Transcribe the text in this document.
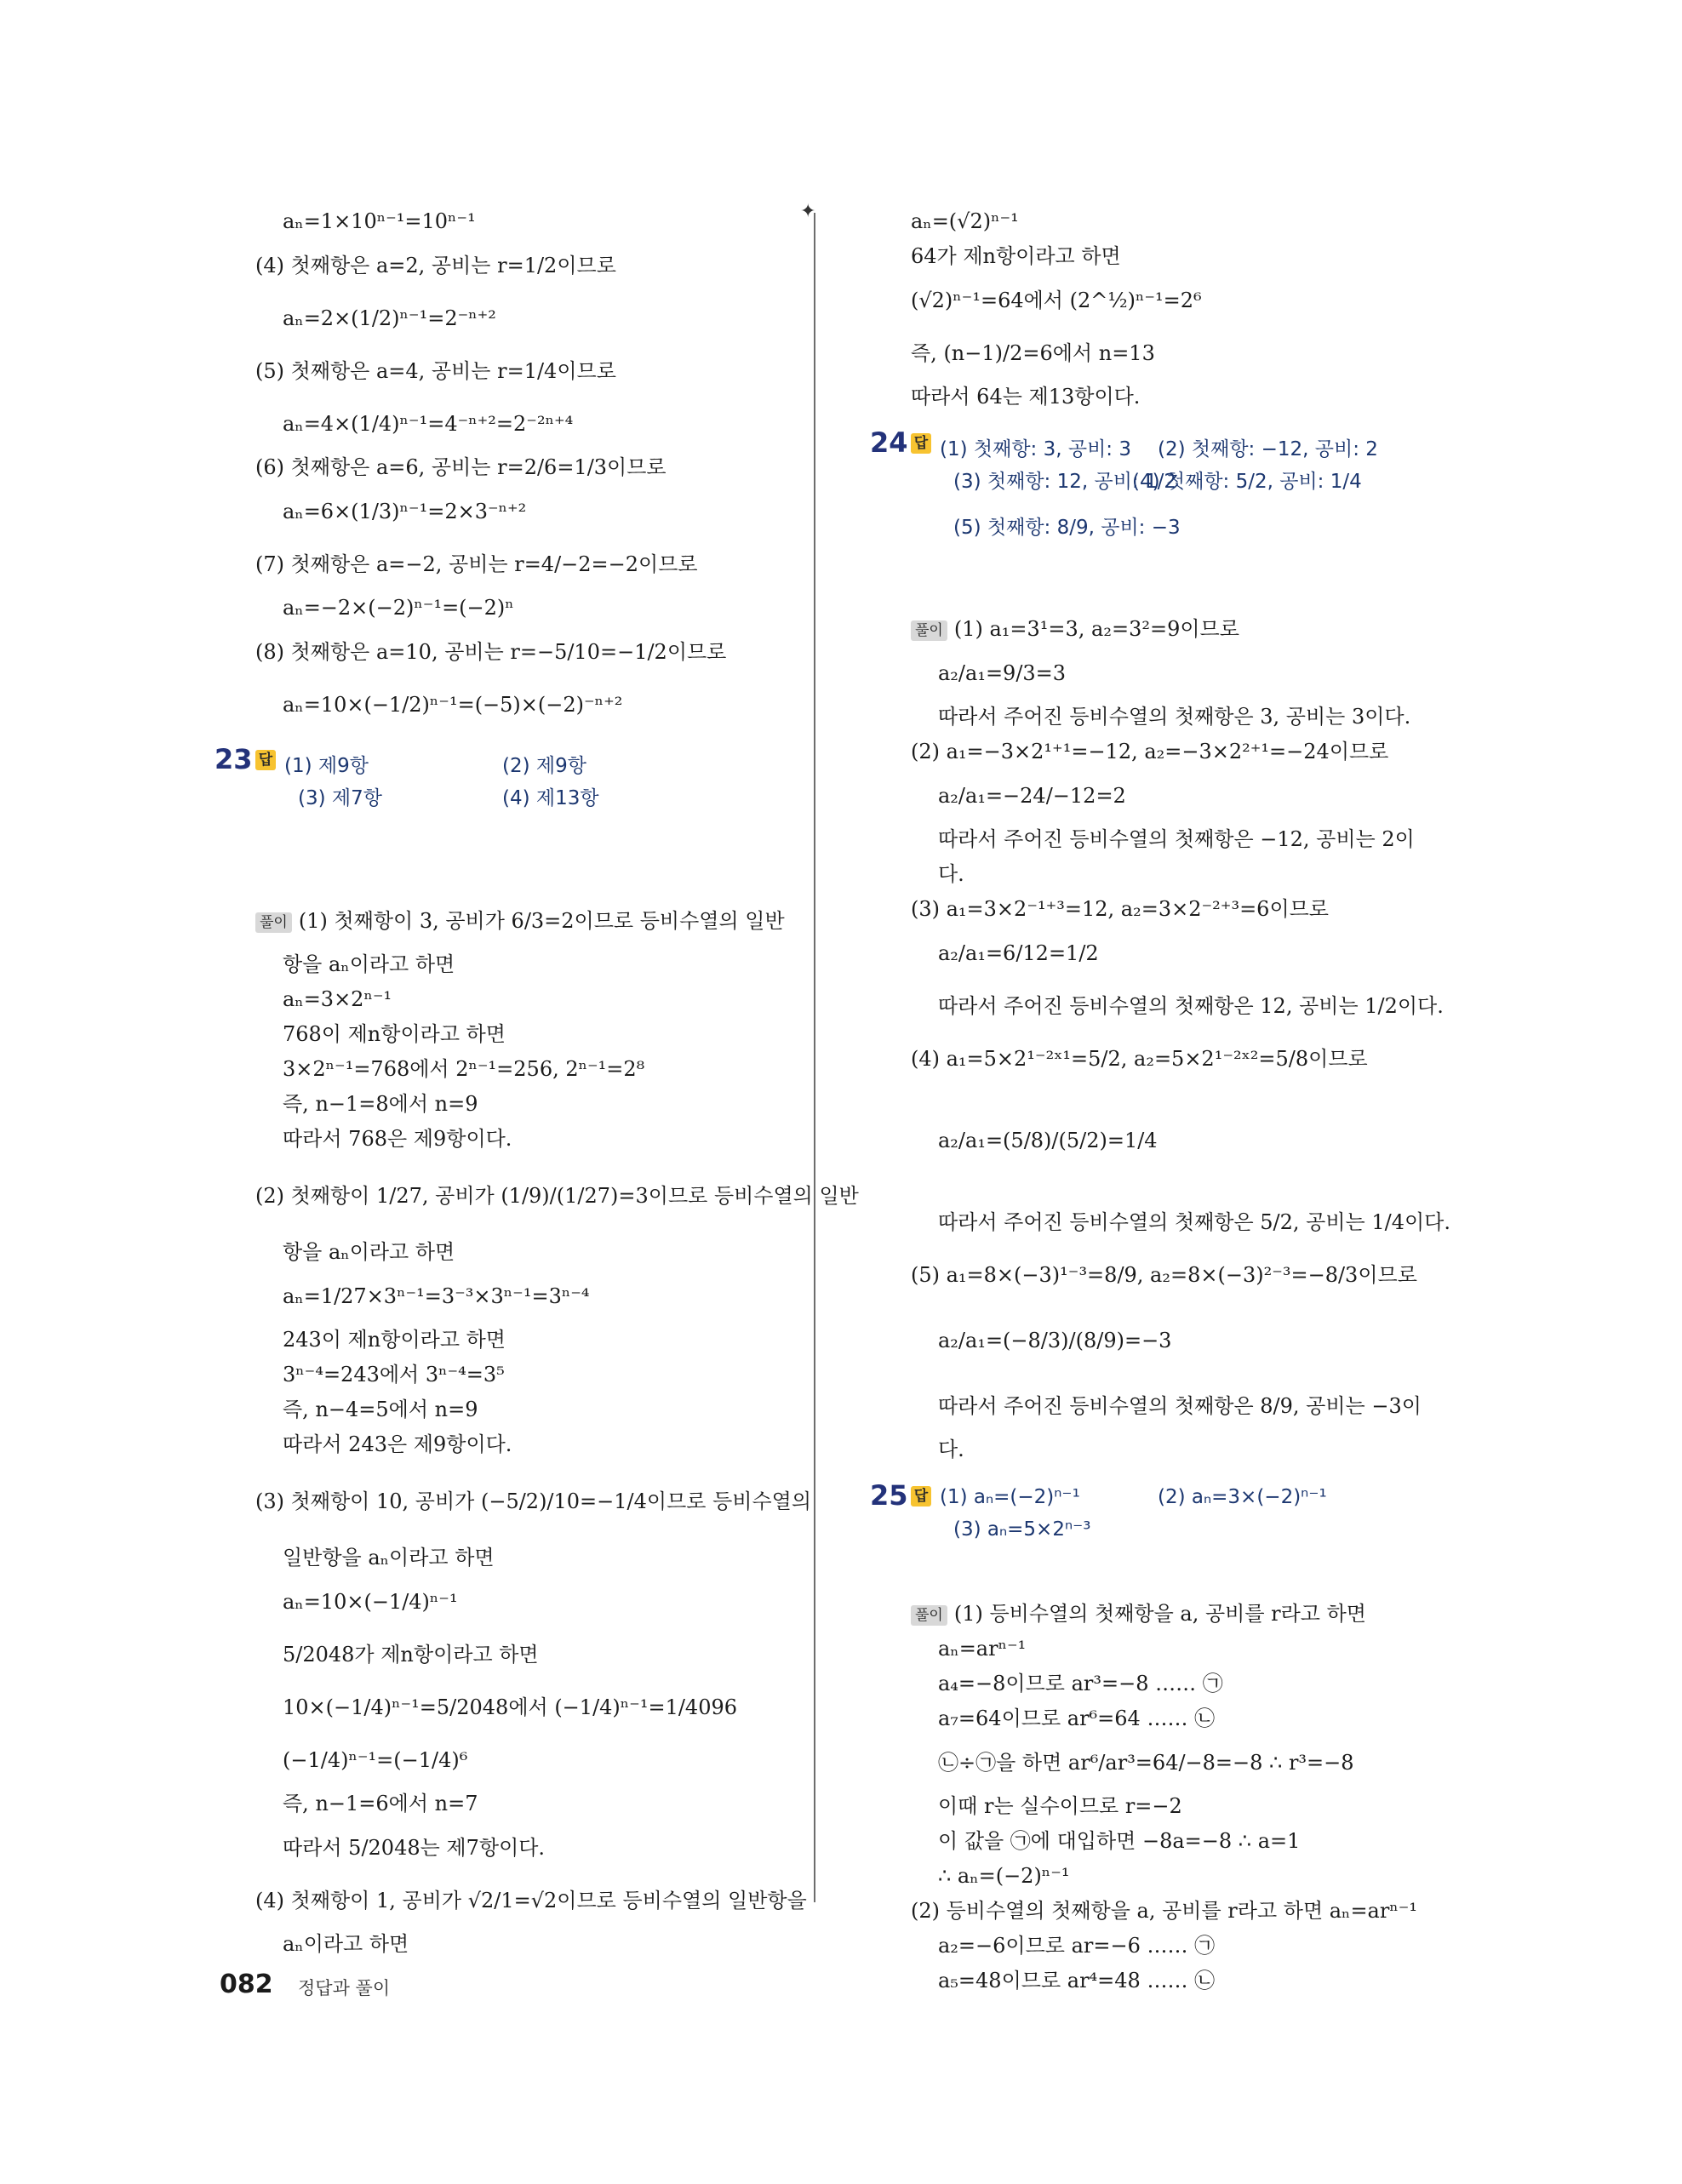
✦
aₙ=1×10ⁿ⁻¹=10ⁿ⁻¹
(4) 첫째항은 a=2, 공비는 r=1/2이므로
aₙ=2×(1/2)ⁿ⁻¹=2⁻ⁿ⁺²
(5) 첫째항은 a=4, 공비는 r=1/4이므로
aₙ=4×(1/4)ⁿ⁻¹=4⁻ⁿ⁺²=2⁻²ⁿ⁺⁴
(6) 첫째항은 a=6, 공비는 r=2/6=1/3이므로
aₙ=6×(1/3)ⁿ⁻¹=2×3⁻ⁿ⁺²
(7) 첫째항은 a=−2, 공비는 r=4/−2=−2이므로
aₙ=−2×(−2)ⁿ⁻¹=(−2)ⁿ
(8) 첫째항은 a=10, 공비는 r=−5/10=−1/2이므로
aₙ=10×(−1/2)ⁿ⁻¹=(−5)×(−2)⁻ⁿ⁺²
23 답 (1) 제9항	(2) 제9항
(3) 제7항	(4) 제13항
풀이 (1) 첫째항이 3, 공비가 6/3=2이므로 등비수열의 일반
항을 aₙ이라고 하면
aₙ=3×2ⁿ⁻¹
768이 제n항이라고 하면
3×2ⁿ⁻¹=768에서 2ⁿ⁻¹=256, 2ⁿ⁻¹=2⁸
즉, n−1=8에서 n=9
따라서 768은 제9항이다.
(2) 첫째항이 1/27, 공비가 (1/9)/(1/27)=3이므로 등비수열의 일반
항을 aₙ이라고 하면
aₙ=1/27×3ⁿ⁻¹=3⁻³×3ⁿ⁻¹=3ⁿ⁻⁴
243이 제n항이라고 하면
3ⁿ⁻⁴=243에서 3ⁿ⁻⁴=3⁵
즉, n−4=5에서 n=9
따라서 243은 제9항이다.
(3) 첫째항이 10, 공비가 (−5/2)/10=−1/4이므로 등비수열의
일반항을 aₙ이라고 하면
aₙ=10×(−1/4)ⁿ⁻¹
5/2048가 제n항이라고 하면
10×(−1/4)ⁿ⁻¹=5/2048에서 (−1/4)ⁿ⁻¹=1/4096
(−1/4)ⁿ⁻¹=(−1/4)⁶
즉, n−1=6에서 n=7
따라서 5/2048는 제7항이다.
(4) 첫째항이 1, 공비가 √2/1=√2이므로 등비수열의 일반항을
aₙ이라고 하면
aₙ=(√2)ⁿ⁻¹
64가 제n항이라고 하면
(√2)ⁿ⁻¹=64에서 (2^½)ⁿ⁻¹=2⁶
즉, (n−1)/2=6에서 n=13
따라서 64는 제13항이다.
24 답 (1) 첫째항: 3, 공비: 3 (2) 첫째항: −12, 공비: 2
(3) 첫째항: 12, 공비: 1/2
(4) 첫째항: 5/2, 공비: 1/4
(5) 첫째항: 8/9, 공비: −3
풀이 (1) a₁=3¹=3, a₂=3²=9이므로
a₂/a₁=9/3=3
따라서 주어진 등비수열의 첫째항은 3, 공비는 3이다.
(2) a₁=−3×2¹⁺¹=−12, a₂=−3×2²⁺¹=−24이므로
a₂/a₁=−24/−12=2
따라서 주어진 등비수열의 첫째항은 −12, 공비는 2이
다.
(3) a₁=3×2⁻¹⁺³=12, a₂=3×2⁻²⁺³=6이므로
a₂/a₁=6/12=1/2
따라서 주어진 등비수열의 첫째항은 12, 공비는 1/2이다.
(4) a₁=5×2¹⁻²ˣ¹=5/2, a₂=5×2¹⁻²ˣ²=5/8이므로
a₂/a₁=(5/8)/(5/2)=1/4
따라서 주어진 등비수열의 첫째항은 5/2, 공비는 1/4이다.
(5) a₁=8×(−3)¹⁻³=8/9, a₂=8×(−3)²⁻³=−8/3이므로
a₂/a₁=(−8/3)/(8/9)=−3
따라서 주어진 등비수열의 첫째항은 8/9, 공비는 −3이
다.
25 답 (1) aₙ=(−2)ⁿ⁻¹	(2) aₙ=3×(−2)ⁿ⁻¹
(3) aₙ=5×2ⁿ⁻³
풀이 (1) 등비수열의 첫째항을 a, 공비를 r라고 하면
aₙ=arⁿ⁻¹
a₄=−8이므로 ar³=−8 …… ㉠
a₇=64이므로 ar⁶=64 …… ㉡
㉡÷㉠을 하면 ar⁶/ar³=64/−8=−8 ∴ r³=−8
이때 r는 실수이므로 r=−2
이 값을 ㉠에 대입하면 −8a=−8 ∴ a=1
∴ aₙ=(−2)ⁿ⁻¹
(2) 등비수열의 첫째항을 a, 공비를 r라고 하면 aₙ=arⁿ⁻¹
a₂=−6이므로 ar=−6 …… ㉠
a₅=48이므로 ar⁴=48 …… ㉡
082 정답과 풀이
